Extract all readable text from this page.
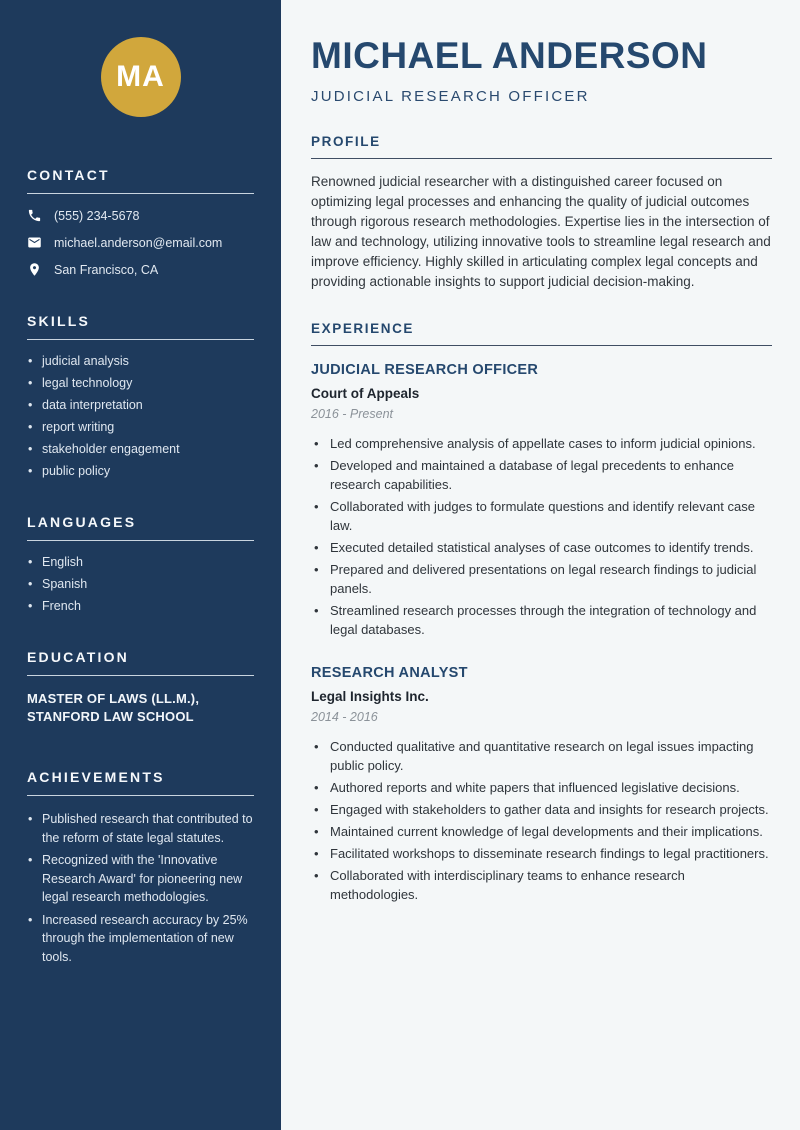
MA
CONTACT
(555) 234-5678
michael.anderson@email.com
San Francisco, CA
SKILLS
• judicial analysis
• legal technology
• data interpretation
• report writing
• stakeholder engagement
• public policy
LANGUAGES
• English
• Spanish
• French
EDUCATION
MASTER OF LAWS (LL.M.), STANFORD LAW SCHOOL
ACHIEVEMENTS
• Published research that contributed to the reform of state legal statutes.
• Recognized with the 'Innovative Research Award' for pioneering new legal research methodologies.
• Increased research accuracy by 25% through the implementation of new tools.
MICHAEL ANDERSON
JUDICIAL RESEARCH OFFICER
PROFILE

Renowned judicial researcher with a distinguished career focused on optimizing legal processes and enhancing the quality of judicial outcomes through rigorous research methodologies. Expertise lies in the intersection of law and technology, utilizing innovative tools to streamline legal research and improve efficiency. Highly skilled in articulating complex legal concepts and providing actionable insights to support judicial decision-making.

EXPERIENCE
JUDICIAL RESEARCH OFFICER
Court of Appeals
2016 - Present
• Led comprehensive analysis of appellate cases to inform judicial opinions.
• Developed and maintained a database of legal precedents to enhance research capabilities.
• Collaborated with judges to formulate questions and identify relevant case law.
• Executed detailed statistical analyses of case outcomes to identify trends.
• Prepared and delivered presentations on legal research findings to judicial panels.
• Streamlined research processes through the integration of technology and legal databases.
RESEARCH ANALYST
Legal Insights Inc.
2014 - 2016
• Conducted qualitative and quantitative research on legal issues impacting public policy.
• Authored reports and white papers that influenced legislative decisions.
• Engaged with stakeholders to gather data and insights for research projects.
• Maintained current knowledge of legal developments and their implications.
• Facilitated workshops to disseminate research findings to legal practitioners.
• Collaborated with interdisciplinary teams to enhance research methodologies.
